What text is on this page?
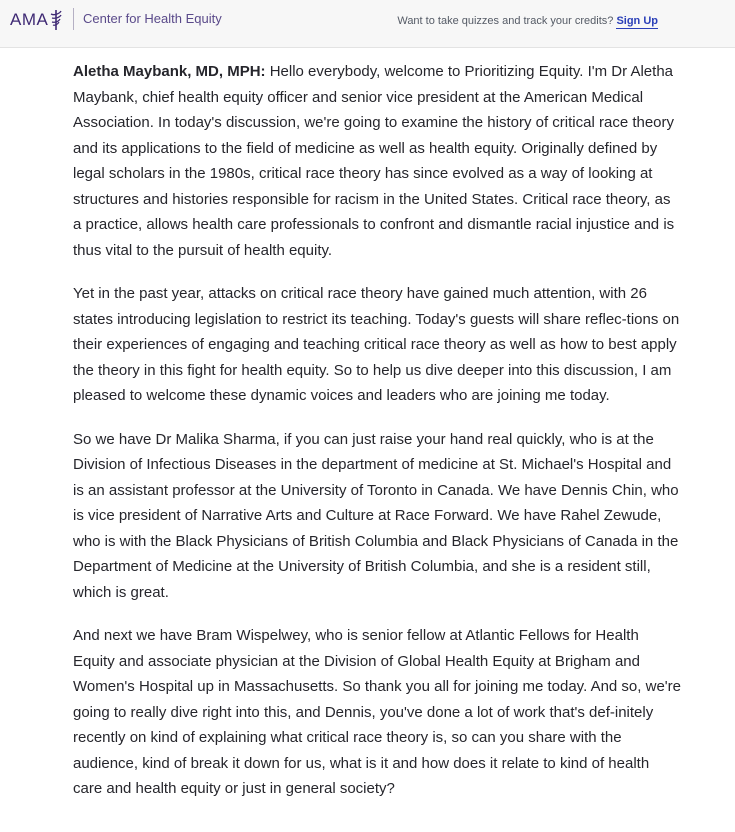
AMA	Center for Health Equity	Want to take quizzes and track your credits? Sign Up

Aletha Maybank, MD, MPH: Hello everybody, welcome to Prioritizing Equity. I'm Dr Aletha Maybank, chief health equity officer and senior vice president at the American Medical Association. In today's discussion, we're going to examine the history of critical race theory and its applications to the field of medicine as well as health equity. Originally defined by legal scholars in the 1980s, critical race theory has since evolved as a way of looking at structures and histories responsible for racism in the United States. Critical race theory, as a practice, allows health care professionals to confront and dismantle racial injustice and is thus vital to the pursuit of health equity.

Yet in the past year, attacks on critical race theory have gained much attention, with 26 states introducing legislation to restrict its teaching. Today's guests will share reflec-tions on their experiences of engaging and teaching critical race theory as well as how to best apply the theory in this fight for health equity. So to help us dive deeper into this discussion, I am pleased to welcome these dynamic voices and leaders who are joining me today.

So we have Dr Malika Sharma, if you can just raise your hand real quickly, who is at the Division of Infectious Diseases in the department of medicine at St. Michael's Hospital and is an assistant professor at the University of Toronto in Canada. We have Dennis Chin, who is vice president of Narrative Arts and Culture at Race Forward. We have Rahel Zewude, who is with the Black Physicians of British Columbia and Black Physicians of Canada in the Department of Medicine at the University of British Columbia, and she is a resident still, which is great.

And next we have Bram Wispelwey, who is senior fellow at Atlantic Fellows for Health Equity and associate physician at the Division of Global Health Equity at Brigham and Women's Hospital up in Massachusetts. So thank you all for joining me today. And so, we're going to really dive right into this, and Dennis, you've done a lot of work that's def-initely recently on kind of explaining what critical race theory is, so can you share with the audience, kind of break it down for us, what is it and how does it relate to kind of health care and health equity or just in general society?
